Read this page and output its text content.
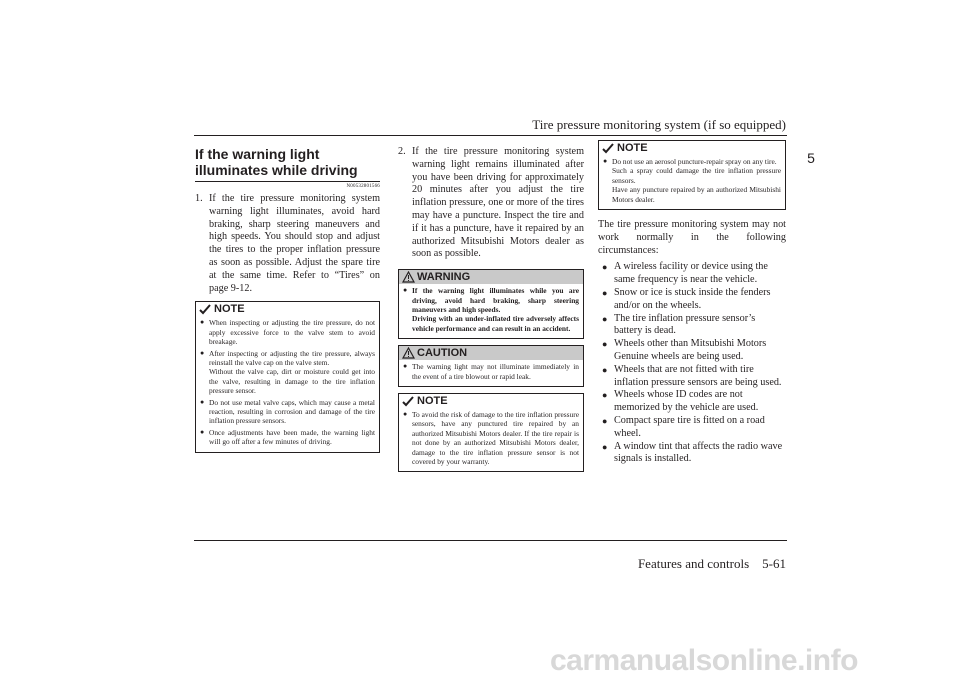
Tire pressure monitoring system (if so equipped)
5
If the warning light illuminates while driving
N00532801566
1. If the tire pressure monitoring system warning light illuminates, avoid hard braking, sharp steering maneuvers and high speeds. You should stop and adjust the tires to the proper inflation pressure as soon as possible. Adjust the spare tire at the same time. Refer to “Tires” on page 9-12.
NOTE
● When inspecting or adjusting the tire pressure, do not apply excessive force to the valve stem to avoid breakage.
● After inspecting or adjusting the tire pressure, always reinstall the valve cap on the valve stem.
Without the valve cap, dirt or moisture could get into the valve, resulting in damage to the tire inflation pressure sensor.
● Do not use metal valve caps, which may cause a metal reaction, resulting in corrosion and damage of the tire inflation pressure sensors.
● Once adjustments have been made, the warning light will go off after a few minutes of driving.
2. If the tire pressure monitoring system warning light remains illuminated after you have been driving for approximately 20 minutes after you adjust the tire inflation pressure, one or more of the tires may have a puncture. Inspect the tire and if it has a puncture, have it repaired by an authorized Mitsubishi Motors dealer as soon as possible.
WARNING
● If the warning light illuminates while you are driving, avoid hard braking, sharp steering maneuvers and high speeds.
Driving with an under-inflated tire adversely affects vehicle performance and can result in an accident.
CAUTION
● The warning light may not illuminate immediately in the event of a tire blowout or rapid leak.
NOTE
● To avoid the risk of damage to the tire inflation pressure sensors, have any punctured tire repaired by an authorized Mitsubishi Motors dealer. If the tire repair is not done by an authorized Mitsubishi Motors dealer, damage to the tire inflation pressure sensor is not covered by your warranty.
NOTE
● Do not use an aerosol puncture-repair spray on any tire.
Such a spray could damage the tire inflation pressure sensors.
Have any puncture repaired by an authorized Mitsubishi Motors dealer.
The tire pressure monitoring system may not work normally in the following circumstances:
● A wireless facility or device using the same frequency is near the vehicle.
● Snow or ice is stuck inside the fenders and/or on the wheels.
● The tire inflation pressure sensor’s battery is dead.
● Wheels other than Mitsubishi Motors Genuine wheels are being used.
● Wheels that are not fitted with tire inflation pressure sensors are being used.
● Wheels whose ID codes are not memorized by the vehicle are used.
● Compact spare tire is fitted on a road wheel.
● A window tint that affects the radio wave signals is installed.
Features and controls 5-61
carmanualsonline.info
